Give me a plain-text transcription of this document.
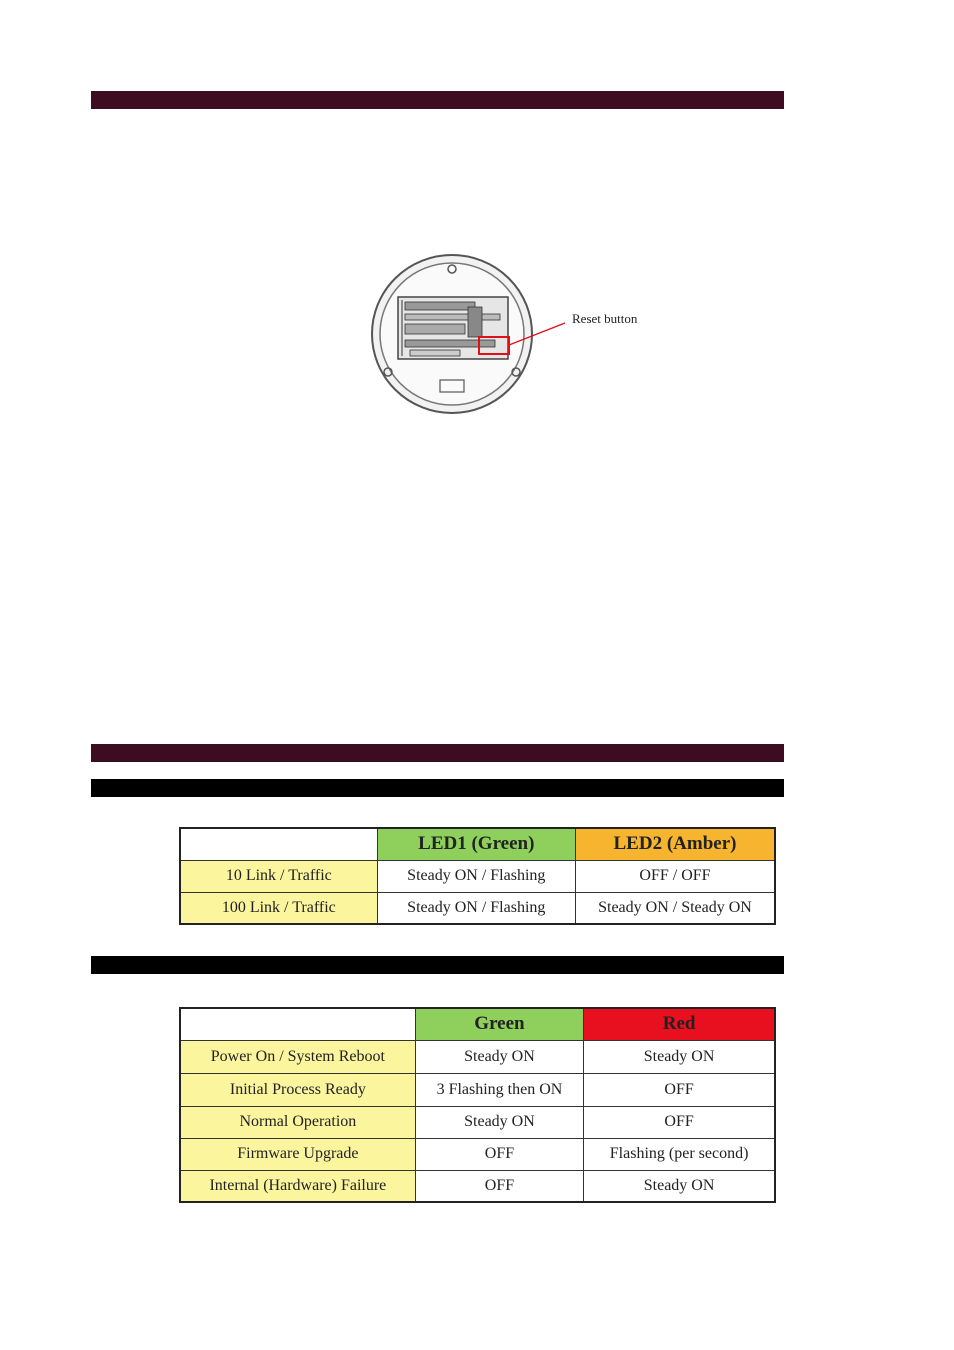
Reset button
	LED1 (Green)	LED2 (Amber)
10 Link / Traffic	Steady ON / Flashing	OFF / OFF
100 Link / Traffic	Steady ON / Flashing	Steady ON / Steady ON
	Green	Red
Power On / System Reboot	Steady ON	Steady ON
Initial Process Ready	3 Flashing then ON	OFF
Normal Operation	Steady ON	OFF
Firmware Upgrade	OFF	Flashing (per second)
Internal (Hardware) Failure	OFF	Steady ON
